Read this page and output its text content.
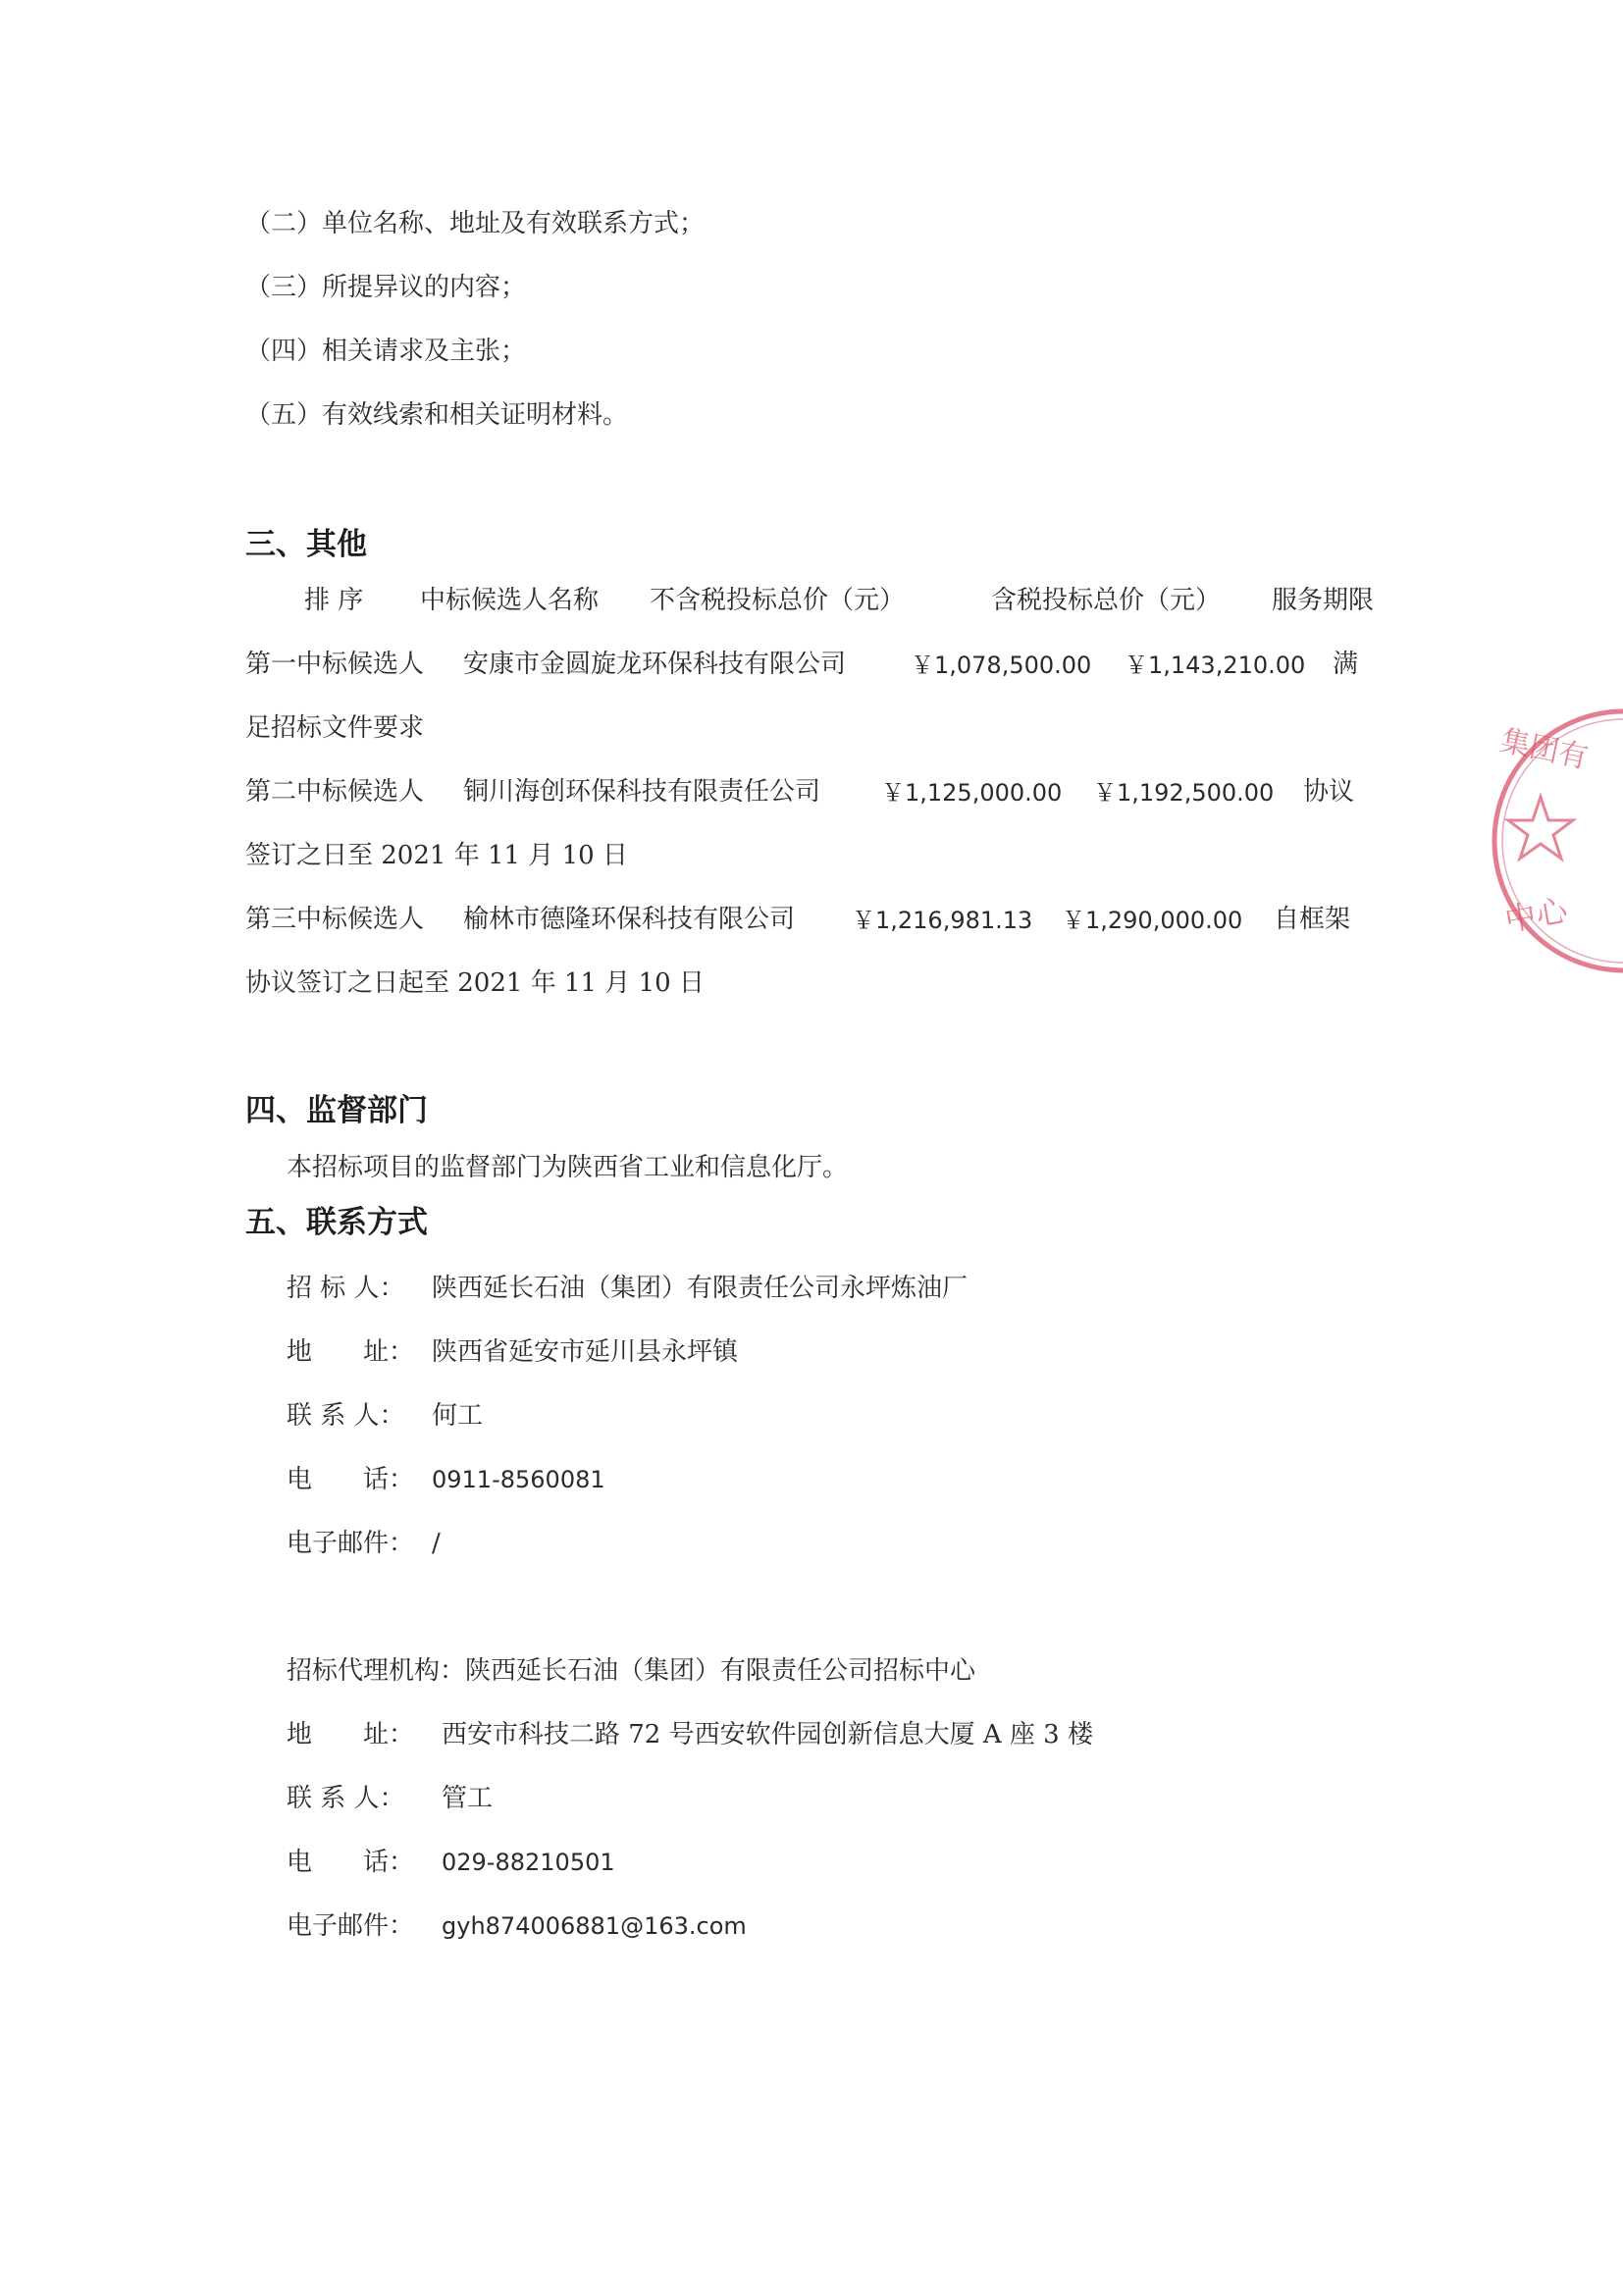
（二）单位名称、地址及有效联系方式；
（三）所提异议的内容；
（四）相关请求及主张；
（五）有效线索和相关证明材料。
三、其他
排 序 中标候选人名称 不含税投标总价（元）	含税投标总价（元） 服务期限
第一中标候选人 安康市金圆旋龙环保科技有限公司	￥1,078,500.00 ￥1,143,210.00 满
足招标文件要求
第二中标候选人 铜川海创环保科技有限责任公司	￥1,125,000.00 ￥1,192,500.00 协议
签订之日至 2021 年 11 月 10 日
第三中标候选人 榆林市德隆环保科技有限公司 ￥1,216,981.13 ￥1,290,000.00 自框架
协议签订之日起至 2021 年 11 月 10 日
四、监督部门
本招标项目的监督部门为陕西省工业和信息化厅。
五、联系方式
招 标 人： 陕西延长石油（集团）有限责任公司永坪炼油厂
地　　址： 陕西省延安市延川县永坪镇
联 系 人： 何工
电　　话： 0911-8560081
电子邮件： /
招标代理机构：陕西延长石油（集团）有限责任公司招标中心
地　　址： 西安市科技二路 72 号西安软件园创新信息大厦 A 座 3 楼
联 系 人： 管工
电　　话： 029-88210501
电子邮件： gyh874006881@163.com
集团有
中心
